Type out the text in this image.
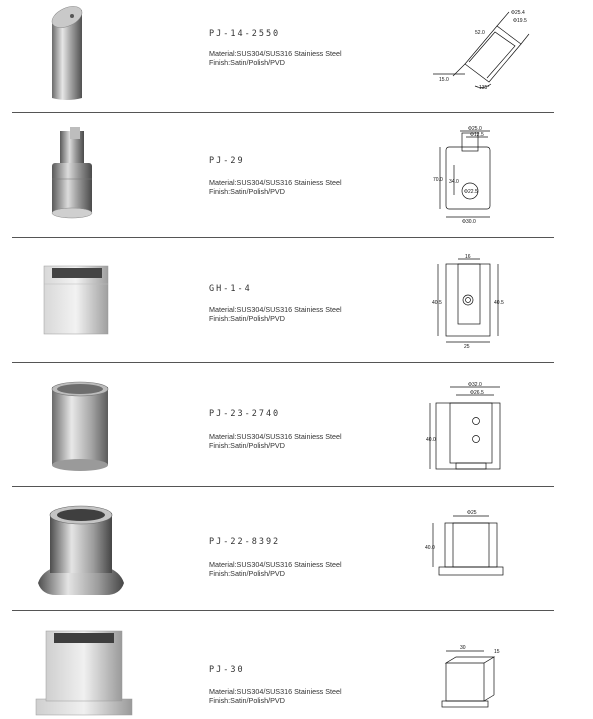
PJ-14-2550
Material:SUS304/SUS316 Stainiess Steel
Finish:Satin/Polish/PVD
Φ25.4
Φ19.5
52.0
15.0
135°
PJ-29
Material:SUS304/SUS316 Stainiess Steel
Finish:Satin/Polish/PVD
Φ25.0
Φ12.5
70.0 34.0
Φ22.5
Φ30.0
GH-1-4
Material:SUS304/SUS316 Stainiess Steel
Finish:Satin/Polish/PVD
16
40.5	40.5
25
PJ-23-2740
Material:SUS304/SUS316 Stainiess Steel
Finish:Satin/Polish/PVD
Φ32.0
Φ26.5
40.0
PJ-22-8392
Material:SUS304/SUS316 Stainiess Steel
Finish:Satin/Polish/PVD
Φ25
40.0
PJ-30
Material:SUS304/SUS316 Stainiess Steel
Finish:Satin/Polish/PVD
30
15
